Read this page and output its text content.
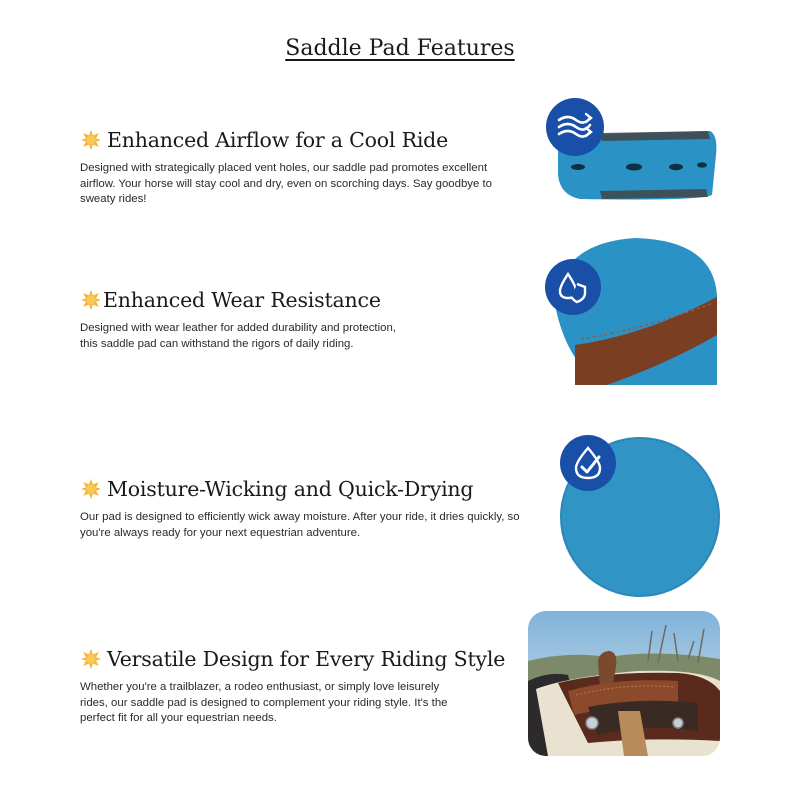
Saddle Pad Features
Enhanced Airflow for a Cool Ride

Designed with strategically placed vent holes, our saddle pad promotes excellent airflow. Your horse will stay cool and dry, even on scorching days. Say goodbye to sweaty rides!

Enhanced Wear Resistance

Designed with wear leather for added durability and protection, this saddle pad can withstand the rigors of daily riding.

Moisture-Wicking and Quick-Drying

Our pad is designed to efficiently wick away moisture. After your ride, it dries quickly, so you're always ready for your next equestrian adventure.

Versatile Design for Every Riding Style

Whether you're a trailblazer, a rodeo enthusiast, or simply love leisurely rides, our saddle pad is designed to complement your riding style. It's the perfect fit for all your equestrian needs.
